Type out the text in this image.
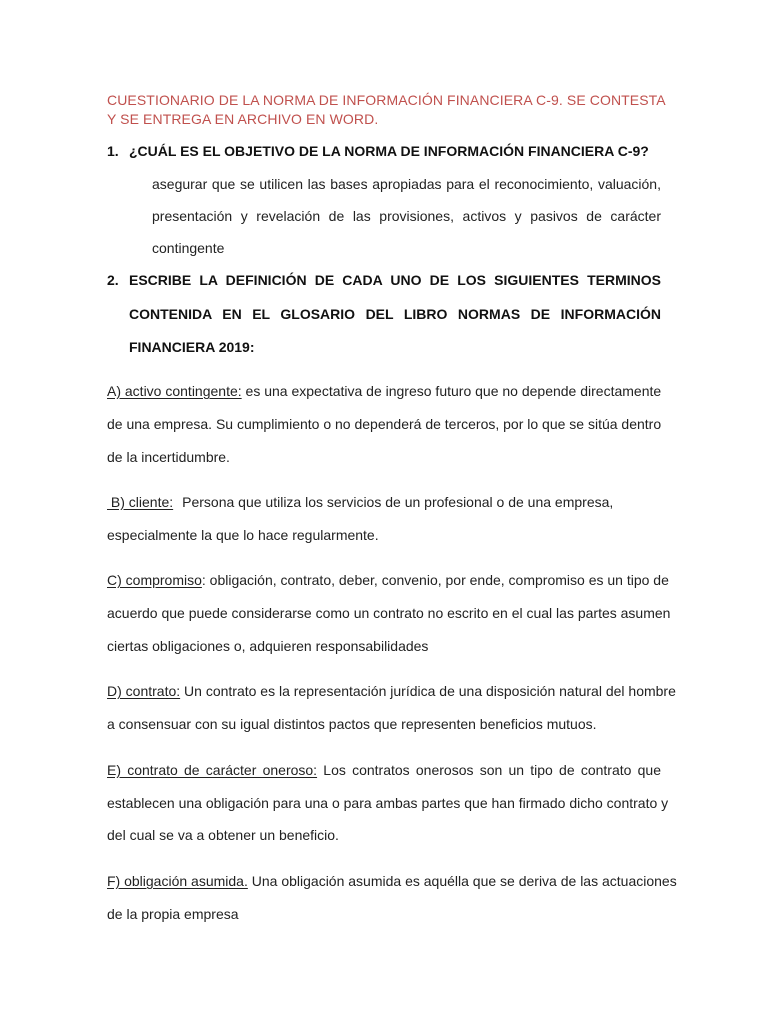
CUESTIONARIO DE LA NORMA DE INFORMACIÓN FINANCIERA C-9. SE CONTESTA Y SE ENTREGA EN ARCHIVO EN WORD.
1. ¿CUÁL ES EL OBJETIVO DE LA NORMA DE INFORMACIÓN FINANCIERA C-9?
asegurar que se utilicen las bases apropiadas para el reconocimiento, valuación,
presentación y revelación de las provisiones, activos y pasivos de carácter
contingente
2. ESCRIBE LA DEFINICIÓN DE CADA UNO DE LOS SIGUIENTES TERMINOS
CONTENIDA EN EL GLOSARIO DEL LIBRO NORMAS DE INFORMACIÓN
FINANCIERA 2019:
A) activo contingente: es una expectativa de ingreso futuro que no depende directamente
de una empresa. Su cumplimiento o no dependerá de terceros, por lo que se sitúa dentro
de la incertidumbre.
B) cliente: Persona que utiliza los servicios de un profesional o de una empresa,
especialmente la que lo hace regularmente.
C) compromiso: obligación, contrato, deber, convenio, por ende, compromiso es un tipo de
acuerdo que puede considerarse como un contrato no escrito en el cual las partes asumen
ciertas obligaciones o, adquieren responsabilidades
D) contrato: Un contrato es la representación jurídica de una disposición natural del hombre
a consensuar con su igual distintos pactos que representen beneficios mutuos.
E) contrato de carácter oneroso: Los contratos onerosos son un tipo de contrato que
establecen una obligación para una o para ambas partes que han firmado dicho contrato y
del cual se va a obtener un beneficio.
F) obligación asumida. Una obligación asumida es aquélla que se deriva de las actuaciones
de la propia empresa
